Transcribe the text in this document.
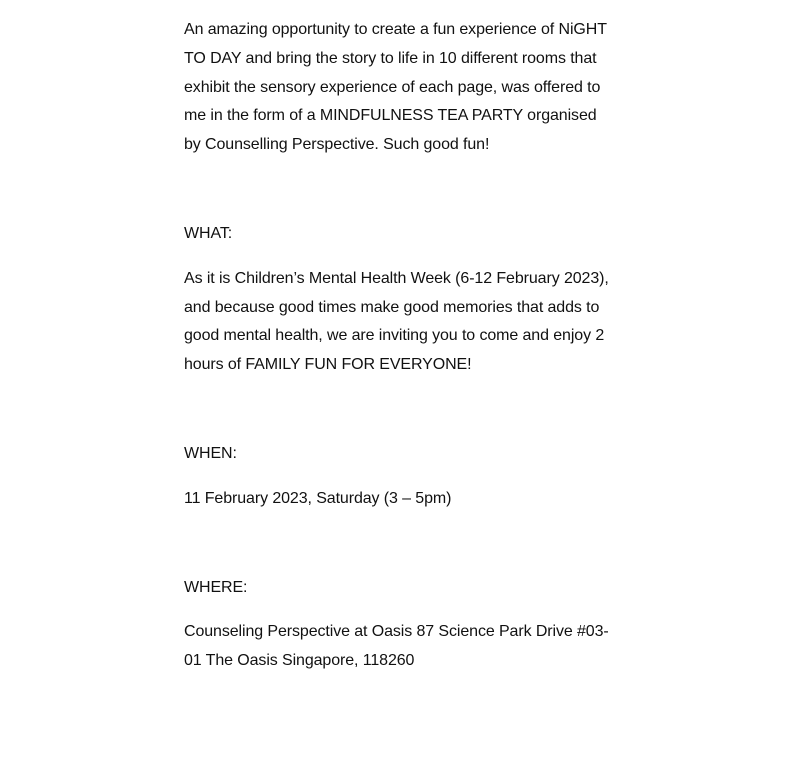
An amazing opportunity to create a fun experience of NiGHT TO DAY and bring the story to life in 10 different rooms that exhibit the sensory experience of each page, was offered to me in the form of a MINDFULNESS TEA PARTY organised by Counselling Perspective. Such good fun!

WHAT:

As it is Children’s Mental Health Week (6-12 February 2023), and because good times make good memories that adds to good mental health, we are inviting you to come and enjoy 2 hours of FAMILY FUN FOR EVERYONE!

WHEN:

11 February 2023, Saturday (3 – 5pm)

WHERE:

Counseling Perspective at Oasis 87 Science Park Drive #03-01 The Oasis Singapore, 118260
